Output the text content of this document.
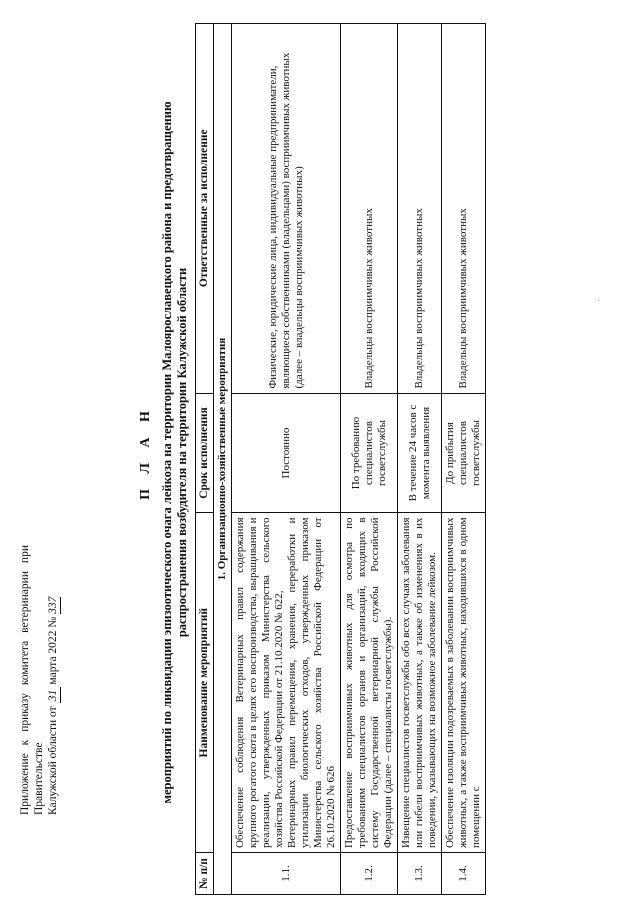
Приложение к приказу комитета ветеринарии при Правительстве Калужской области от 31 марта 2022 № 337
П Л А Н мероприятий по ликвидации эпизоотического очага лейкоза на территории Малоярославецкого района и предотвращению распространения возбудителя на территории Калужской области
№ п/п	Наименование мероприятий	Срок исполнения	Ответственные за исполнение
1. Организационно-хозяйственные мероприятия			
1.1.	Обеспечение соблюдения Ветеринарных правил содержания крупного рогатого скота в целях его воспроизводства, выращивания и реализации, утвержденных приказом Министерства сельского хозяйства Российской Федерации от 21.10.2020 № 622,
Ветеринарных правил перемещения, хранения, переработки и утилизации биологических отходов, утвержденных приказом Министерства сельского хозяйства Российской Федерации от 26.10.2020 № 626	Постоянно	Физические, юридические лица, индивидуальные предприниматели, являющиеся собственниками (владельцами) восприимчивых животных (далее – владельцы восприимчивых животных)
1.2.	Предоставление восприимчивых животных для осмотра по требованиям специалистов органов и организаций, входящих в систему Государственной ветеринарной службы Российской Федерации (далее – специалисты госветслужбы).	По требованию специалистов госветслужбы	Владельцы восприимчивых животных
1.3.	Извещение специалистов госветслужбы обо всех случаях заболевания или гибели восприимчивых животных, а также об изменениях в их поведении, указывающих на возможное заболевание лейкозом.	В течение 24 часов с момента выявления	Владельцы восприимчивых животных
1.4.	Обеспечение изоляции подозреваемых в заболевании восприимчивых животных, а также восприимчивых животных, находившихся в одном помещении с	До прибытия специалистов госветслужбы	Владельцы восприимчивых животных
